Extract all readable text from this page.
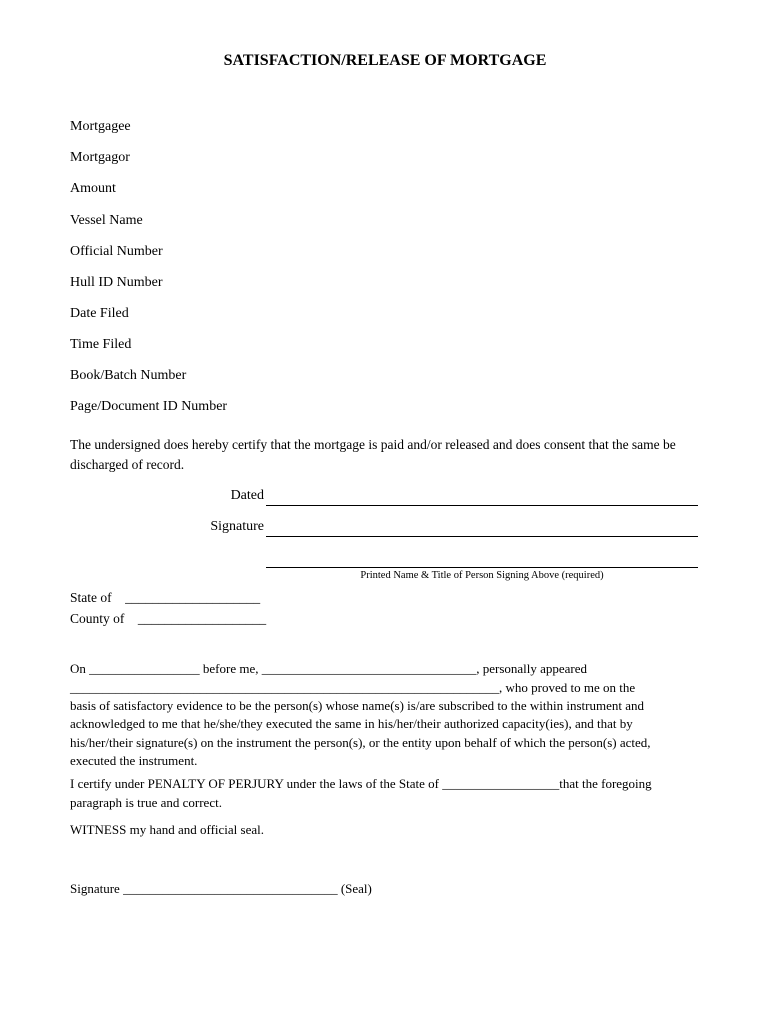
SATISFACTION/RELEASE OF MORTGAGE
Mortgagee
Mortgagor
Amount
Vessel Name
Official Number
Hull ID Number
Date Filed
Time Filed
Book/Batch Number
Page/Document ID Number
The undersigned does hereby certify that the mortgage is paid and/or released and does consent that the same be discharged of record.
Dated
Signature
Printed Name & Title of Person Signing Above (required)
State of    ____________________
County of    ___________________
On _________________ before me, _________________________________, personally appeared
__________________________________________________________________, who proved to me on the
basis of satisfactory evidence to be the person(s) whose name(s) is/are subscribed to the within instrument and
acknowledged to me that he/she/they executed the same in his/her/their authorized capacity(ies), and that by
his/her/their signature(s) on the instrument the person(s), or the entity upon behalf of which the person(s) acted,
executed the instrument.
I certify under PENALTY OF PERJURY under the laws of the State of __________________that the foregoing
paragraph is true and correct.
WITNESS my hand and official seal.
Signature _________________________________ (Seal)
